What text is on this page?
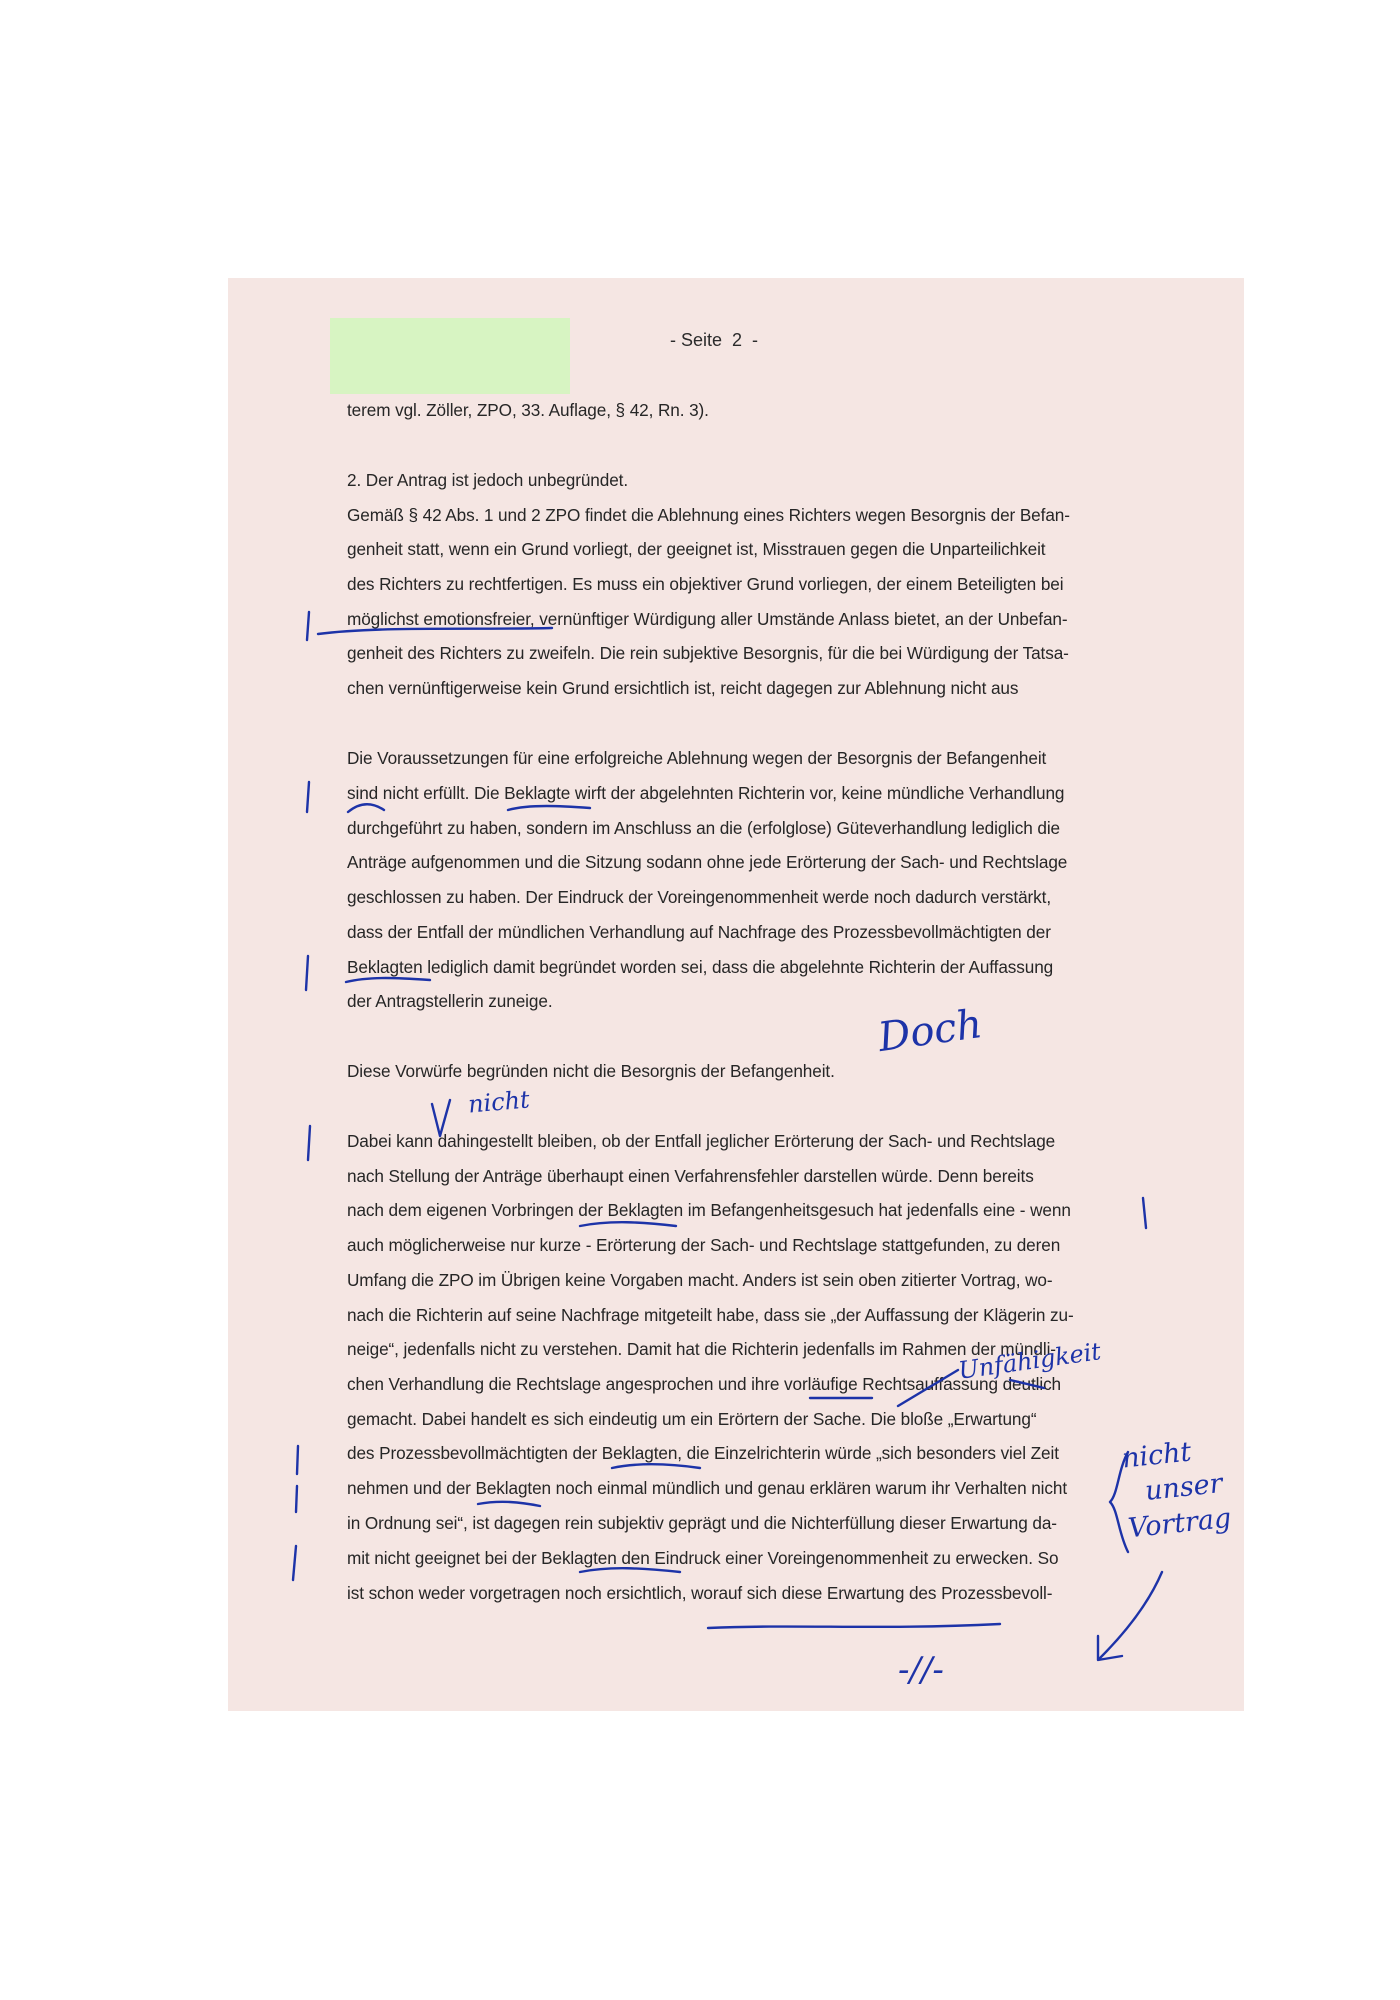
- Seite  2  -
terem vgl. Zöller, ZPO, 33. Auflage, § 42, Rn. 3).
2. Der Antrag ist jedoch unbegründet.
Gemäß § 42 Abs. 1 und 2 ZPO findet die Ablehnung eines Richters wegen Besorgnis der Befan-
genheit statt, wenn ein Grund vorliegt, der geeignet ist, Misstrauen gegen die Unparteilichkeit
des Richters zu rechtfertigen. Es muss ein objektiver Grund vorliegen, der einem Beteiligten bei
möglichst emotionsfreier, vernünftiger Würdigung aller Umstände Anlass bietet, an der Unbefan-
genheit des Richters zu zweifeln. Die rein subjektive Besorgnis, für die bei Würdigung der Tatsa-
chen vernünftigerweise kein Grund ersichtlich ist, reicht dagegen zur Ablehnung nicht aus
Die Voraussetzungen für eine erfolgreiche Ablehnung wegen der Besorgnis der Befangenheit
sind nicht erfüllt. Die Beklagte wirft der abgelehnten Richterin vor, keine mündliche Verhandlung
durchgeführt zu haben, sondern im Anschluss an die (erfolglose) Güteverhandlung lediglich die
Anträge aufgenommen und die Sitzung sodann ohne jede Erörterung der Sach- und Rechtslage
geschlossen zu haben. Der Eindruck der Voreingenommenheit werde noch dadurch verstärkt,
dass der Entfall der mündlichen Verhandlung auf Nachfrage des Prozessbevollmächtigten der
Beklagten lediglich damit begründet worden sei, dass die abgelehnte Richterin der Auffassung
der Antragstellerin zuneige.
Diese Vorwürfe begründen nicht die Besorgnis der Befangenheit.
Dabei kann dahingestellt bleiben, ob der Entfall jeglicher Erörterung der Sach- und Rechtslage
nach Stellung der Anträge überhaupt einen Verfahrensfehler darstellen würde. Denn bereits
nach dem eigenen Vorbringen der Beklagten im Befangenheitsgesuch hat jedenfalls eine - wenn
auch möglicherweise nur kurze - Erörterung der Sach- und Rechtslage stattgefunden, zu deren
Umfang die ZPO im Übrigen keine Vorgaben macht. Anders ist sein oben zitierter Vortrag, wo-
nach die Richterin auf seine Nachfrage mitgeteilt habe, dass sie „der Auffassung der Klägerin zu-
neige“, jedenfalls nicht zu verstehen. Damit hat die Richterin jedenfalls im Rahmen der mündli-
chen Verhandlung die Rechtslage angesprochen und ihre vorläufige Rechtsauffassung deutlich
gemacht. Dabei handelt es sich eindeutig um ein Erörtern der Sache. Die bloße „Erwartung“
des Prozessbevollmächtigten der Beklagten, die Einzelrichterin würde „sich besonders viel Zeit
nehmen und der Beklagten noch einmal mündlich und genau erklären warum ihr Verhalten nicht
in Ordnung sei“, ist dagegen rein subjektiv geprägt und die Nichterfüllung dieser Erwartung da-
mit nicht geeignet bei der Beklagten den Eindruck einer Voreingenommenheit zu erwecken. So
ist schon weder vorgetragen noch ersichtlich, worauf sich diese Erwartung des Prozessbevoll-
Doch
nicht
Unfähigkeit
nicht
unser
Vortrag
-//-
